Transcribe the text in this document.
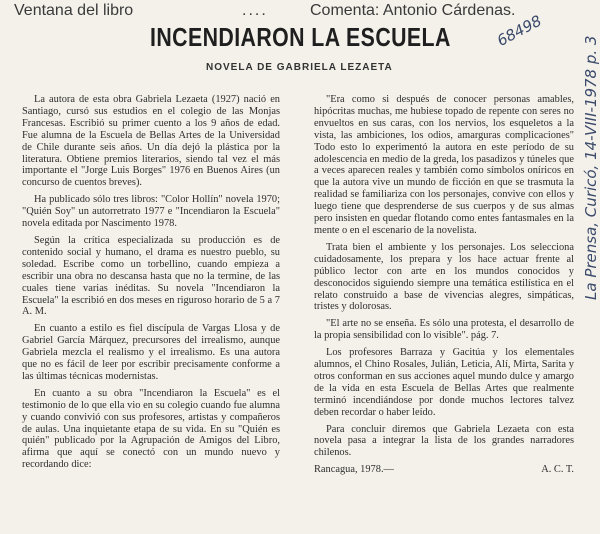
Ventana del libro	....	Comenta: Antonio Cárdenas.
INCENDIARON LA ESCUELA
NOVELA DE GABRIELA LEZAETA

La autora de esta obra Gabriela Lezaeta (1927) nació en Santiago, cursó sus estudios en el colegio de las Monjas Francesas. Escribió su primer cuento a los 9 años de edad. Fue alumna de la Escuela de Bellas Artes de la Universidad de Chile durante seis años. Un día dejó la plástica por la literatura. Obtiene premios literarios, siendo tal vez el más importante el "Jorge Luis Borges" 1976 en Buenos Aires (un concurso de cuentos breves).

Ha publicado sólo tres libros: "Color Hollín" novela 1970; "Quién Soy" un autorretrato 1977 e "Incendiaron la Escuela" novela editada por Nascimento 1978.

Según la crítica especializada su producción es de contenido social y humano, el drama es nuestro pueblo, su soledad. Escribe como un torbellino, cuando empieza a escribir una obra no descansa hasta que no la termine, de las cuales tiene varias inéditas. Su novela "Incendiaron la Escuela" la escribió en dos meses en riguroso horario de 5 a 7 A. M.

En cuanto a estilo es fiel discípula de Vargas Llosa y de Gabriel García Márquez, precursores del irrealismo, aunque Gabriela mezcla el realismo y el irrealismo. Es una autora que no es fácil de leer por escribir precisamente conforme a las últimas técnicas modernistas.

En cuanto a su obra "Incendiaron la Escuela" es el testimonio de lo que ella vio en su colegio cuando fue alumna y cuando convivió con sus profesores, artistas y compañeros de aulas. Una inquietante etapa de su vida. En su "Quién es quién" publicado por la Agrupación de Amigos del Libro, afirma que aquí se conectó con un mundo nuevo y recordando dice:

"Era como si después de conocer personas amables, hipócritas muchas, me hubiese topado de repente con seres no envueltos en sus caras, con los nervios, los esqueletos a la vista, las ambiciones, los odios, amarguras complicaciones" Todo esto lo experimentó la autora en este período de su adolescencia en medio de la greda, los pasadizos y túneles que a veces aparecen reales y también como símbolos oníricos en que la autora vive un mundo de ficción en que se trasmuta la realidad se familiariza con los personajes, convive con ellos y luego tiene que desprenderse de sus cuerpos y de sus almas pero insisten en quedar flotando como entes fantasmales en la mente o en el escenario de la novelista.

Trata bien el ambiente y los personajes. Los selecciona cuidadosamente, los prepara y los hace actuar frente al público lector con arte en los mundos conocidos y desconocidos siguiendo siempre una temática estilística en el relato construido a base de vivencias alegres, simpáticas, tristes y dolorosas.

"El arte no se enseña. Es sólo una protesta, el desarrollo de la propia sensibilidad con lo visible". pág. 7.

Los profesores Barraza y Gacitúa y los elementales alumnos, el Chino Rosales, Julián, Leticia, Alí, Mirta, Sarita y otros conforman en sus acciones aquel mundo dulce y amargo de la vida en esta Escuela de Bellas Artes que realmente terminó incendiándose por donde muchos lectores talvez deben recordar o haber leído.

Para concluir diremos que Gabriela Lezaeta con esta novela pasa a integrar la lista de los grandes narradores chilenos.

Rancagua, 1978.—	A. C. T.
68498
La Prensa, Curicó, 14-VIII-1978 p. 3
